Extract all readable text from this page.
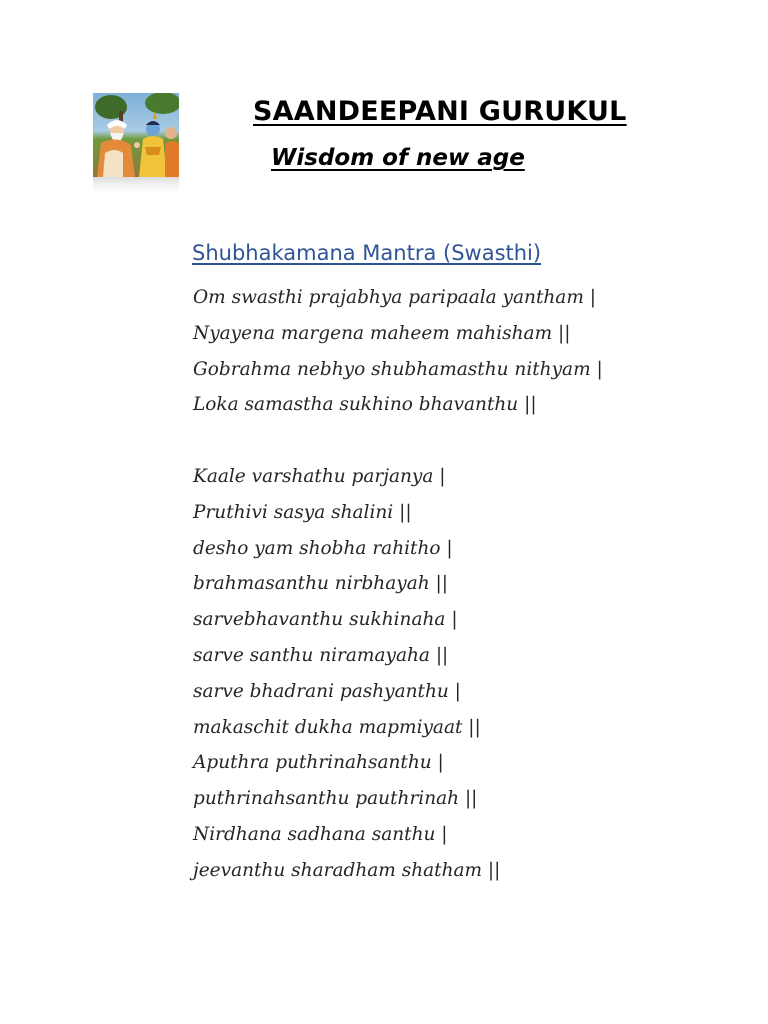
SAANDEEPANI GURUKUL
Wisdom of new age
Shubhakamana Mantra (Swasthi)
Om swasthi prajabhya paripaala yantham |
Nyayena margena maheem mahisham ||
Gobrahma nebhyo shubhamasthu nithyam |
Loka samastha sukhino bhavanthu ||
Kaale varshathu parjanya |
Pruthivi sasya shalini ||
desho yam shobha rahitho |
brahmasanthu nirbhayah ||
sarvebhavanthu sukhinaha |
sarve santhu niramayaha ||
sarve bhadrani pashyanthu |
makaschit dukha mapmiyaat ||
Aputhra puthrinahsanthu |
puthrinahsanthu pauthrinah ||
Nirdhana sadhana santhu |
jeevanthu sharadham shatham ||
